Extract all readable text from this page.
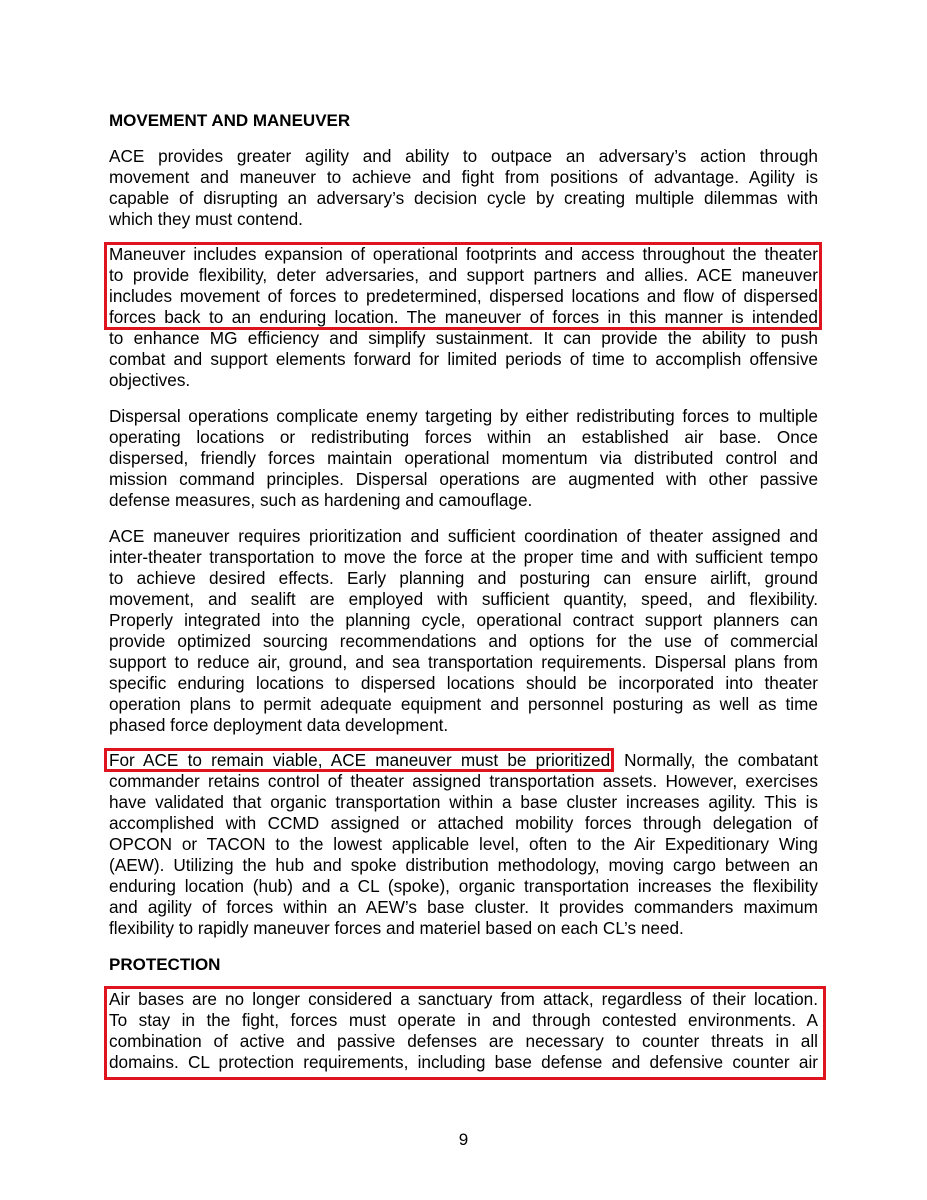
MOVEMENT AND MANEUVER
ACE provides greater agility and ability to outpace an adversary’s action through
movement and maneuver to achieve and fight from positions of advantage. Agility is
capable of disrupting an adversary’s decision cycle by creating multiple dilemmas with
which they must contend.
Maneuver includes expansion of operational footprints and access throughout the theater
to provide flexibility, deter adversaries, and support partners and allies. ACE maneuver
includes movement of forces to predetermined, dispersed locations and flow of dispersed
forces back to an enduring location. The maneuver of forces in this manner is intended
to enhance MG efficiency and simplify sustainment. It can provide the ability to push
combat and support elements forward for limited periods of time to accomplish offensive
objectives.
Dispersal operations complicate enemy targeting by either redistributing forces to multiple
operating locations or redistributing forces within an established air base. Once
dispersed, friendly forces maintain operational momentum via distributed control and
mission command principles. Dispersal operations are augmented with other passive
defense measures, such as hardening and camouflage.
ACE maneuver requires prioritization and sufficient coordination of theater assigned and
inter-theater transportation to move the force at the proper time and with sufficient tempo
to achieve desired effects. Early planning and posturing can ensure airlift, ground
movement, and sealift are employed with sufficient quantity, speed, and flexibility.
Properly integrated into the planning cycle, operational contract support planners can
provide optimized sourcing recommendations and options for the use of commercial
support to reduce air, ground, and sea transportation requirements. Dispersal plans from
specific enduring locations to dispersed locations should be incorporated into theater
operation plans to permit adequate equipment and personnel posturing as well as time
phased force deployment data development.
For ACE to remain viable, ACE maneuver must be prioritized. Normally, the combatant
commander retains control of theater assigned transportation assets. However, exercises
have validated that organic transportation within a base cluster increases agility. This is
accomplished with CCMD assigned or attached mobility forces through delegation of
OPCON or TACON to the lowest applicable level, often to the Air Expeditionary Wing
(AEW). Utilizing the hub and spoke distribution methodology, moving cargo between an
enduring location (hub) and a CL (spoke), organic transportation increases the flexibility
and agility of forces within an AEW’s base cluster. It provides commanders maximum
flexibility to rapidly maneuver forces and materiel based on each CL’s need.
PROTECTION
Air bases are no longer considered a sanctuary from attack, regardless of their location.
To stay in the fight, forces must operate in and through contested environments. A
combination of active and passive defenses are necessary to counter threats in all
domains. CL protection requirements, including base defense and defensive counter air
9
